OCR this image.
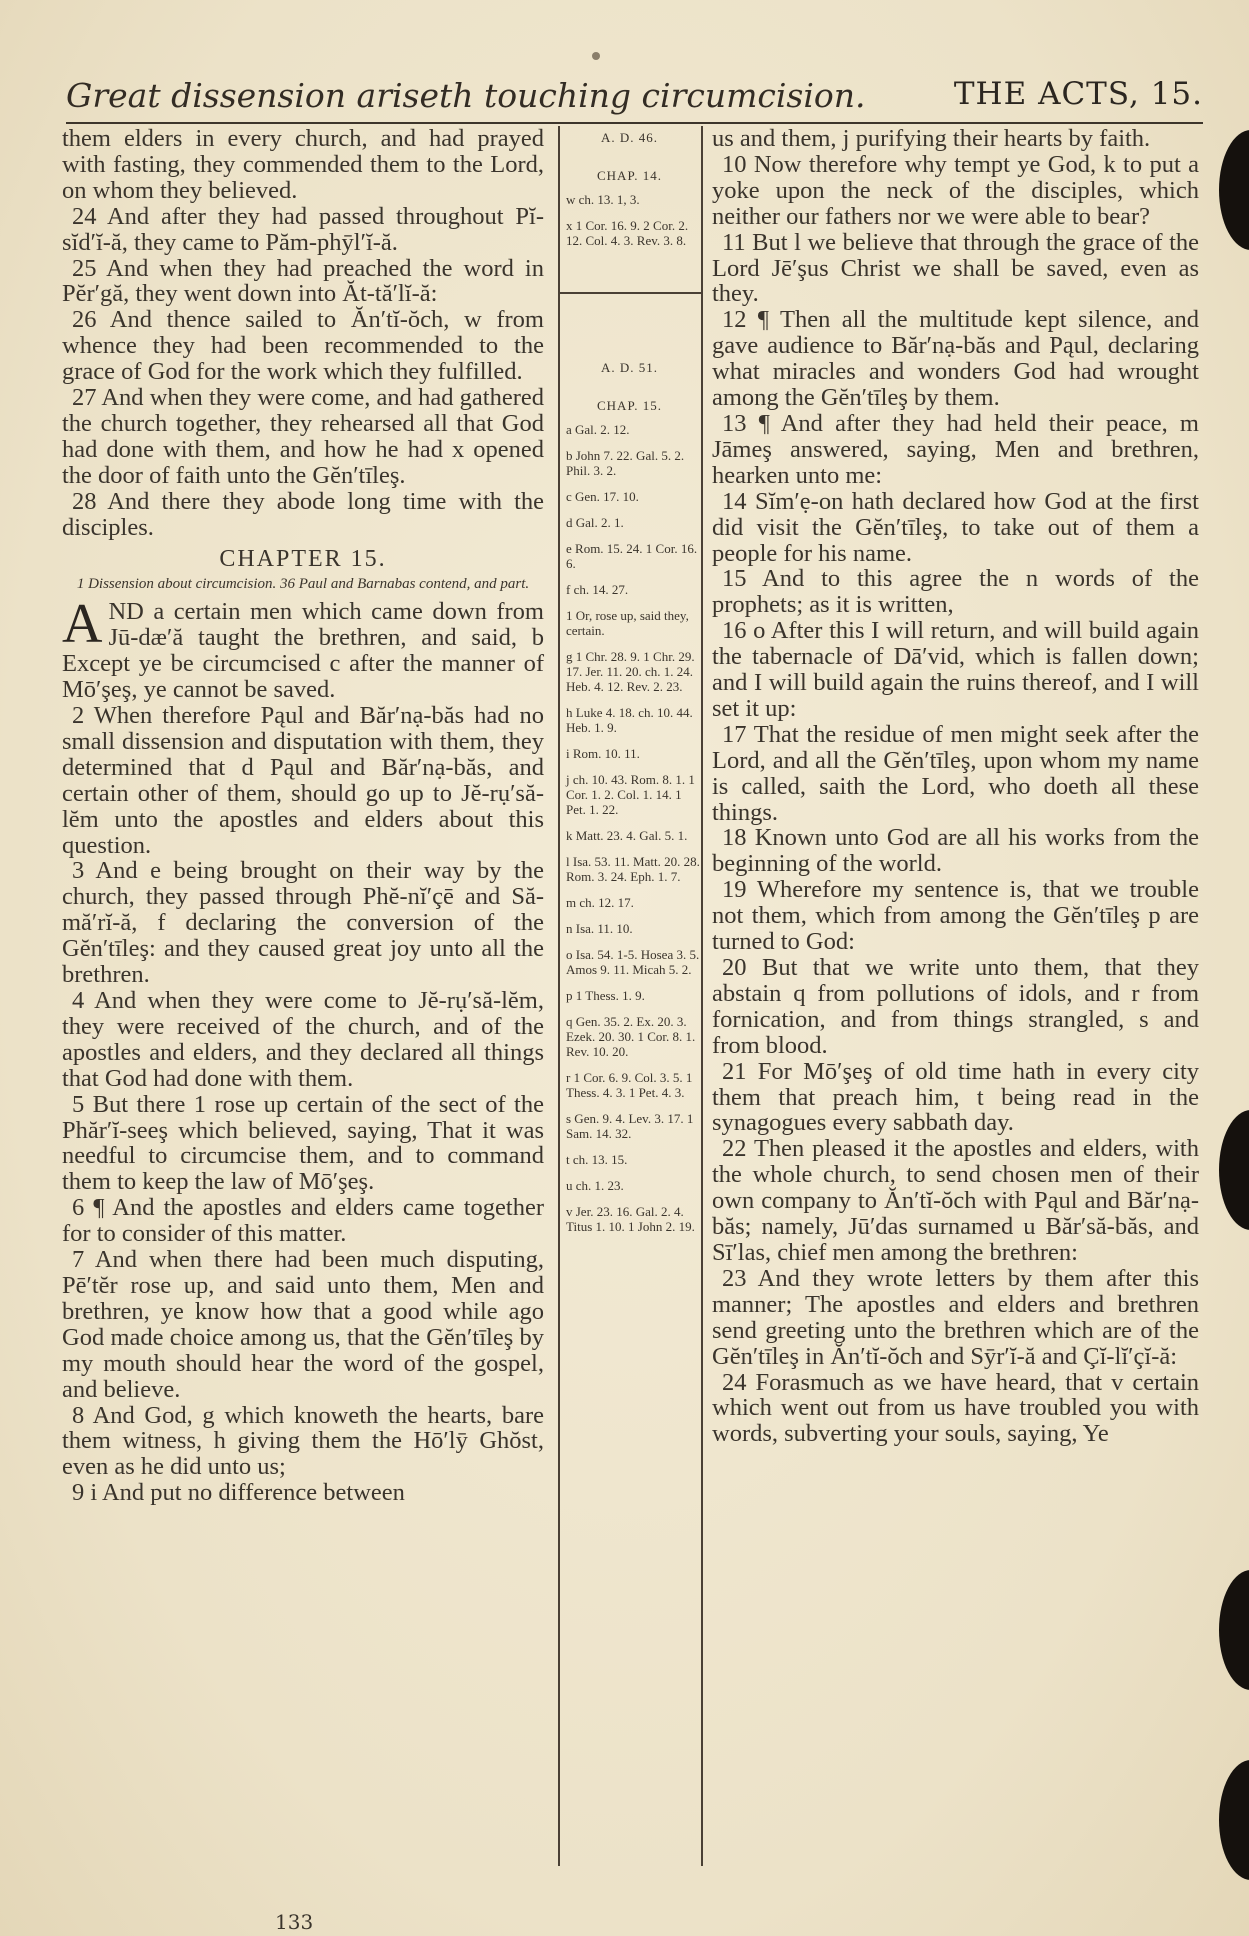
Great dissension ariseth touching circumcision.	THE ACTS, 15.

them elders in every church, and had prayed with fasting, they commended them to the Lord, on whom they believed.

24 And after they had passed throughout Pĭ-sĭd′ĭ-ă, they came to Păm-phȳl′ĭ-ă.

25 And when they had preached the word in Pĕr′gă, they went down into Ăt-tă′lĭ-ă:

26 And thence sailed to Ăn′tĭ-ŏch, w from whence they had been recommended to the grace of God for the work which they fulfilled.

27 And when they were come, and had gathered the church together, they rehearsed all that God had done with them, and how he had x opened the door of faith unto the Gĕn′tīleş.

28 And there they abode long time with the disciples.

CHAPTER 15.
1 Dissension about circumcision. 36 Paul and Barnabas contend, and part.

AND a certain men which came down from Jū-dæ′ă taught the brethren, and said, b Except ye be circumcised c after the manner of Mō′şeş, ye cannot be saved.

2 When therefore Pąul and Băr′nạ-băs had no small dissension and disputation with them, they determined that d Pąul and Băr′nạ-băs, and certain other of them, should go up to Jĕ-rụ′să-lĕm unto the apostles and elders about this question.

3 And e being brought on their way by the church, they passed through Phĕ-nĭ′çē and Să-mă′rĭ-ă, f declaring the conversion of the Gĕn′tīleş: and they caused great joy unto all the brethren.

4 And when they were come to Jĕ-rụ′să-lĕm, they were received of the church, and of the apostles and elders, and they declared all things that God had done with them.

5 But there 1 rose up certain of the sect of the Phăr′ĭ-seeş which believed, saying, That it was needful to circumcise them, and to command them to keep the law of Mō′şeş.

6 ¶ And the apostles and elders came together for to consider of this matter.

7 And when there had been much disputing, Pē′tĕr rose up, and said unto them, Men and brethren, ye know how that a good while ago God made choice among us, that the Gĕn′tīleş by my mouth should hear the word of the gospel, and believe.

8 And God, g which knoweth the hearts, bare them witness, h giving them the Hō′lȳ Ghŏst, even as he did unto us;

9 i And put no difference between

A. D. 46.
CHAP. 14.
w ch. 13. 1, 3.
x 1 Cor. 16. 9. 2 Cor. 2. 12. Col. 4. 3. Rev. 3. 8.
A. D. 51.
CHAP. 15.
a Gal. 2. 12.
b John 7. 22. Gal. 5. 2. Phil. 3. 2.
c Gen. 17. 10.
d Gal. 2. 1.
e Rom. 15. 24. 1 Cor. 16. 6.
f ch. 14. 27.
1 Or, rose up, said they, certain.
g 1 Chr. 28. 9. 1 Chr. 29. 17. Jer. 11. 20. ch. 1. 24. Heb. 4. 12. Rev. 2. 23.
h Luke 4. 18. ch. 10. 44. Heb. 1. 9.
i Rom. 10. 11.
j ch. 10. 43. Rom. 8. 1. 1 Cor. 1. 2. Col. 1. 14. 1 Pet. 1. 22.
k Matt. 23. 4. Gal. 5. 1.
l Isa. 53. 11. Matt. 20. 28. Rom. 3. 24. Eph. 1. 7.
m ch. 12. 17.
n Isa. 11. 10.
o Isa. 54. 1-5. Hosea 3. 5. Amos 9. 11. Micah 5. 2.
p 1 Thess. 1. 9.
q Gen. 35. 2. Ex. 20. 3. Ezek. 20. 30. 1 Cor. 8. 1. Rev. 10. 20.
r 1 Cor. 6. 9. Col. 3. 5. 1 Thess. 4. 3. 1 Pet. 4. 3.
s Gen. 9. 4. Lev. 3. 17. 1 Sam. 14. 32.
t ch. 13. 15.
u ch. 1. 23.
v Jer. 23. 16. Gal. 2. 4. Titus 1. 10. 1 John 2. 19.

us and them, j purifying their hearts by faith.

10 Now therefore why tempt ye God, k to put a yoke upon the neck of the disciples, which neither our fathers nor we were able to bear?

11 But l we believe that through the grace of the Lord Jē′şus Christ we shall be saved, even as they.

12 ¶ Then all the multitude kept silence, and gave audience to Băr′nạ-băs and Pąul, declaring what miracles and wonders God had wrought among the Gĕn′tīleş by them.

13 ¶ And after they had held their peace, m Jāmeş answered, saying, Men and brethren, hearken unto me:

14 Sĭm′ẹ-on hath declared how God at the first did visit the Gĕn′tīleş, to take out of them a people for his name.

15 And to this agree the n words of the prophets; as it is written,

16 o After this I will return, and will build again the tabernacle of Dā′vid, which is fallen down; and I will build again the ruins thereof, and I will set it up:

17 That the residue of men might seek after the Lord, and all the Gĕn′tīleş, upon whom my name is called, saith the Lord, who doeth all these things.

18 Known unto God are all his works from the beginning of the world.

19 Wherefore my sentence is, that we trouble not them, which from among the Gĕn′tīleş p are turned to God:

20 But that we write unto them, that they abstain q from pollutions of idols, and r from fornication, and from things strangled, s and from blood.

21 For Mō′şeş of old time hath in every city them that preach him, t being read in the synagogues every sabbath day.

22 Then pleased it the apostles and elders, with the whole church, to send chosen men of their own company to Ăn′tĭ-ŏch with Pąul and Băr′nạ-băs; namely, Jū′das surnamed u Băr′să-băs, and Sī′las, chief men among the brethren:

23 And they wrote letters by them after this manner; The apostles and elders and brethren send greeting unto the brethren which are of the Gĕn′tīleş in Ăn′tĭ-ŏch and Sȳr′ĭ-ă and Çĭ-lĭ′çĭ-ă:

24 Forasmuch as we have heard, that v certain which went out from us have troubled you with words, subverting your souls, saying, Ye

133
